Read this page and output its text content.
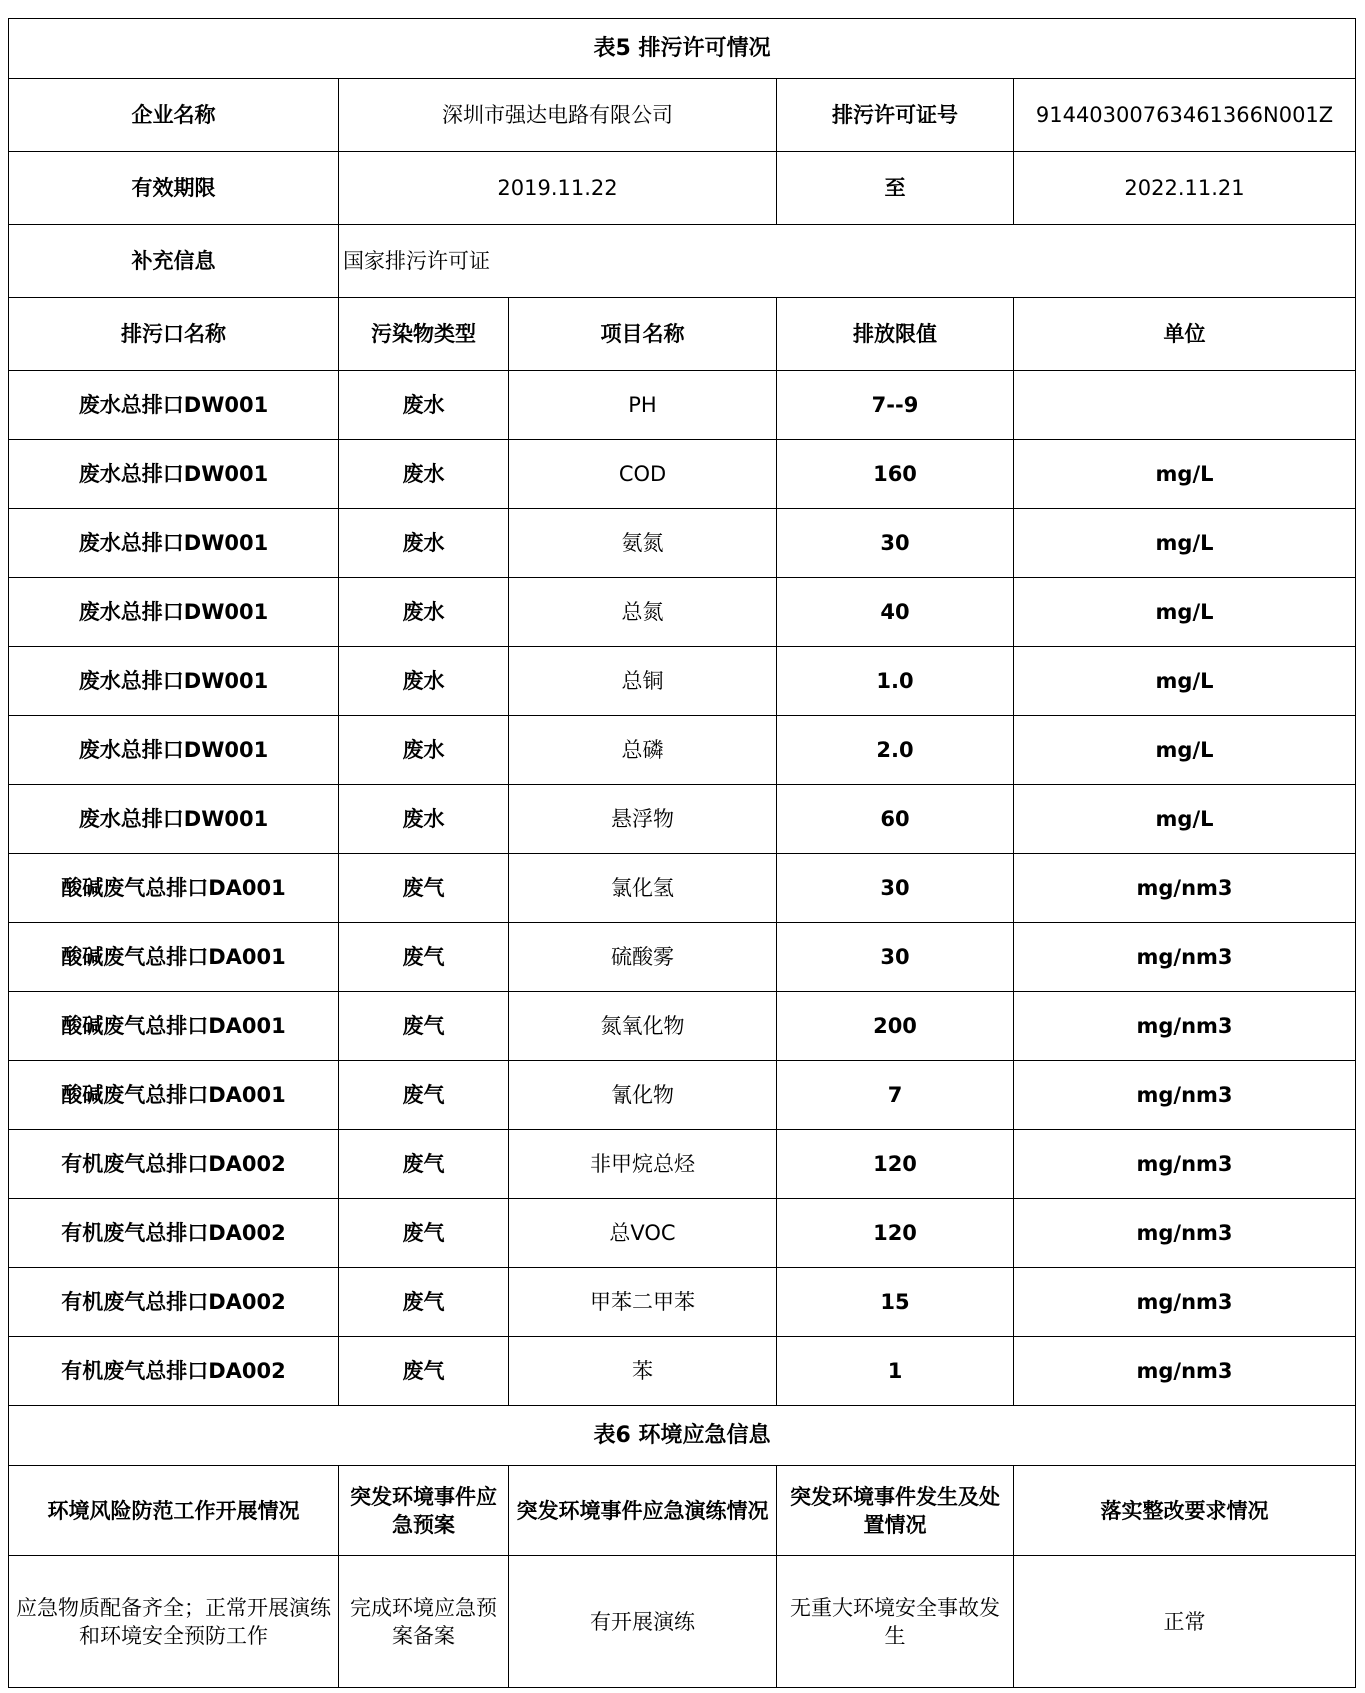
表5 排污许可情况				
企业名称	深圳市强达电路有限公司		排污许可证号	91440300763461366N001Z
有效期限	2019.11.22		至	2022.11.21
补充信息	国家排污许可证			
排污口名称	污染物类型	项目名称	排放限值	单位
废水总排口DW001	废水	PH	7--9	
废水总排口DW001	废水	COD	160	mg/L
废水总排口DW001	废水	氨氮	30	mg/L
废水总排口DW001	废水	总氮	40	mg/L
废水总排口DW001	废水	总铜	1.0	mg/L
废水总排口DW001	废水	总磷	2.0	mg/L
废水总排口DW001	废水	悬浮物	60	mg/L
酸碱废气总排口DA001	废气	氯化氢	30	mg/nm3
酸碱废气总排口DA001	废气	硫酸雾	30	mg/nm3
酸碱废气总排口DA001	废气	氮氧化物	200	mg/nm3
酸碱废气总排口DA001	废气	氰化物	7	mg/nm3
有机废气总排口DA002	废气	非甲烷总烃	120	mg/nm3
有机废气总排口DA002	废气	总VOC	120	mg/nm3
有机废气总排口DA002	废气	甲苯二甲苯	15	mg/nm3
有机废气总排口DA002	废气	苯	1	mg/nm3
表6 环境应急信息				
环境风险防范工作开展情况	突发环境事件应急预案	突发环境事件应急演练情况	突发环境事件发生及处置情况	落实整改要求情况
应急物质配备齐全；正常开展演练和环境安全预防工作	完成环境应急预案备案	有开展演练	无重大环境安全事故发生	正常
